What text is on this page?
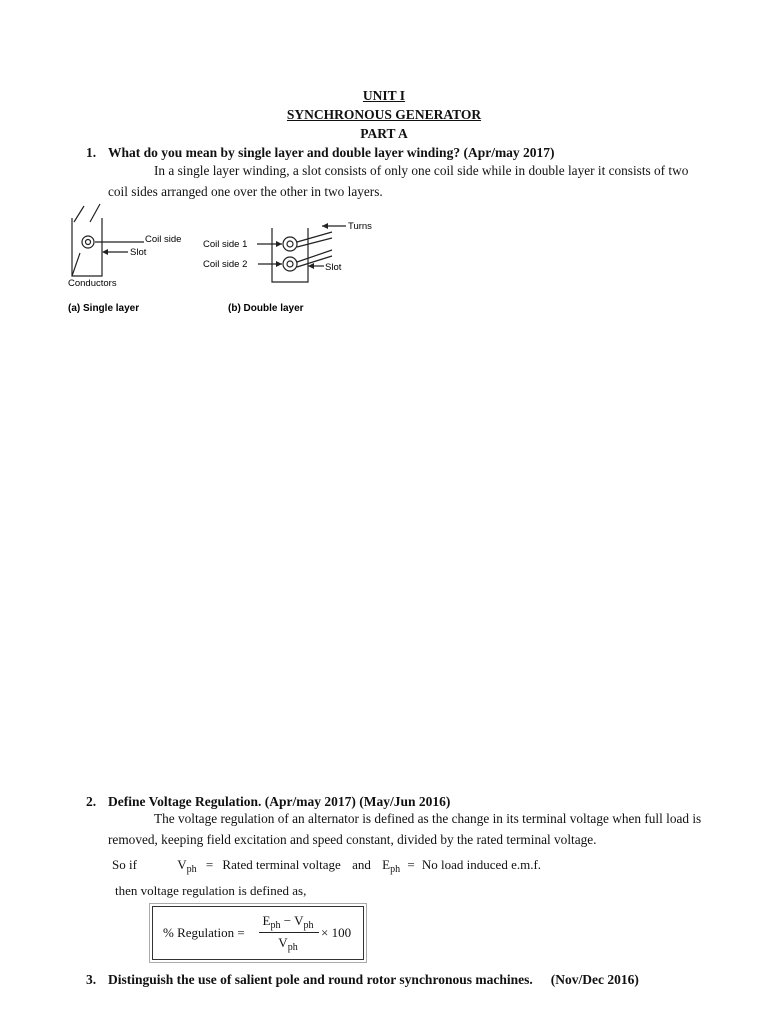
UNIT I
SYNCHRONOUS GENERATOR
PART A
1. What do you mean by single layer and double layer winding? (Apr/may 2017)
In a single layer winding, a slot consists of only one coil side while in double layer it consists of two
coil sides arranged one over the other in two layers.
Coil side
Slot
Conductors
(a) Single layer
Turns
Coil side 1
Coil side 2	Slot
(b) Double layer
2. Define Voltage Regulation. (Apr/may 2017) (May/Jun 2016)
The voltage regulation of an alternator is defined as the change in its terminal voltage when full load is
removed, keeping field excitation and speed constant, divided by the rated terminal voltage.
So if	$V_{ph}$ = Rated terminal voltage and $E_{ph} = No$ load induced e.m.f.
then voltage regulation is defined as,
% Regulation =
$E_{ph} - V_{ph}$
$V_{ph}$
× 100
3. Distinguish the use of salient pole and round rotor synchronous machines. (Nov/Dec 2016)
